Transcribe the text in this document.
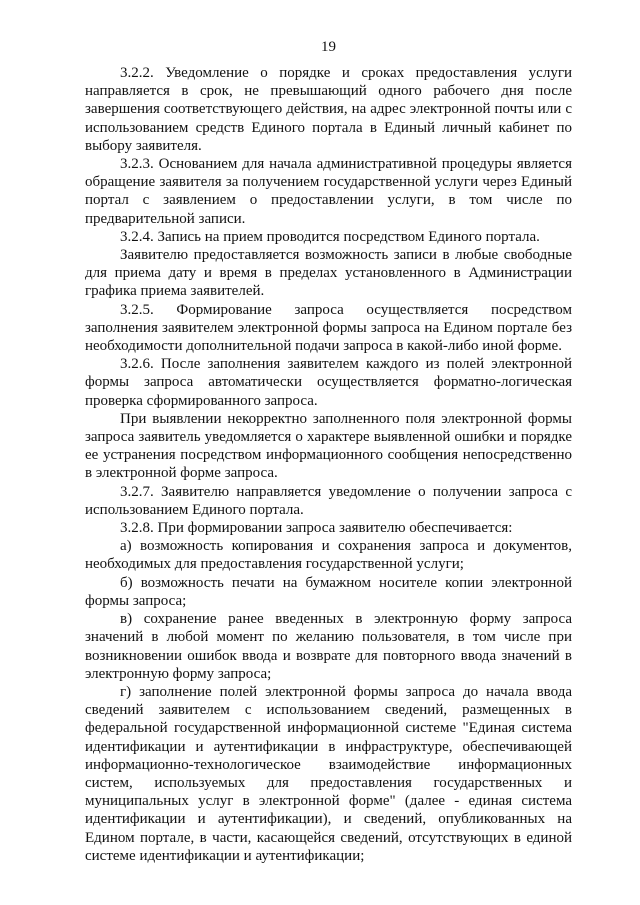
19

3.2.2. Уведомление о порядке и сроках предоставления услуги направляется в срок, не превышающий одного рабочего дня после завершения соответствующего действия, на адрес электронной почты или с использованием средств Единого портала в Единый личный кабинет по выбору заявителя.

3.2.3. Основанием для начала административной процедуры является обращение заявителя за получением государственной услуги через Единый портал с заявлением о предоставлении услуги, в том числе по предварительной записи.

3.2.4. Запись на прием проводится посредством Единого портала.

Заявителю предоставляется возможность записи в любые свободные для приема дату и время в пределах установленного в Администрации графика приема заявителей.

3.2.5. Формирование запроса осуществляется посредством заполнения заявителем электронной формы запроса на Едином портале без необходимости дополнительной подачи запроса в какой-либо иной форме.

3.2.6. После заполнения заявителем каждого из полей электронной формы запроса автоматически осуществляется форматно-логическая проверка сформированного запроса.

При выявлении некорректно заполненного поля электронной формы запроса заявитель уведомляется о характере выявленной ошибки и порядке ее устранения посредством информационного сообщения непосредственно в электронной форме запроса.

3.2.7. Заявителю направляется уведомление о получении запроса с использованием Единого портала.

3.2.8. При формировании запроса заявителю обеспечивается:

а) возможность копирования и сохранения запроса и документов, необходимых для предоставления государственной услуги;

б) возможность печати на бумажном носителе копии электронной формы запроса;

в) сохранение ранее введенных в электронную форму запроса значений в любой момент по желанию пользователя, в том числе при возникновении ошибок ввода и возврате для повторного ввода значений в электронную форму запроса;

г) заполнение полей электронной формы запроса до начала ввода сведений заявителем с использованием сведений, размещенных в федеральной государственной информационной системе "Единая система идентификации и аутентификации в инфраструктуре, обеспечивающей информационно-технологическое взаимодействие информационных систем, используемых для предоставления государственных и муниципальных услуг в электронной форме" (далее - единая система идентификации и аутентификации), и сведений, опубликованных на Едином портале, в части, касающейся сведений, отсутствующих в единой системе идентификации и аутентификации;
